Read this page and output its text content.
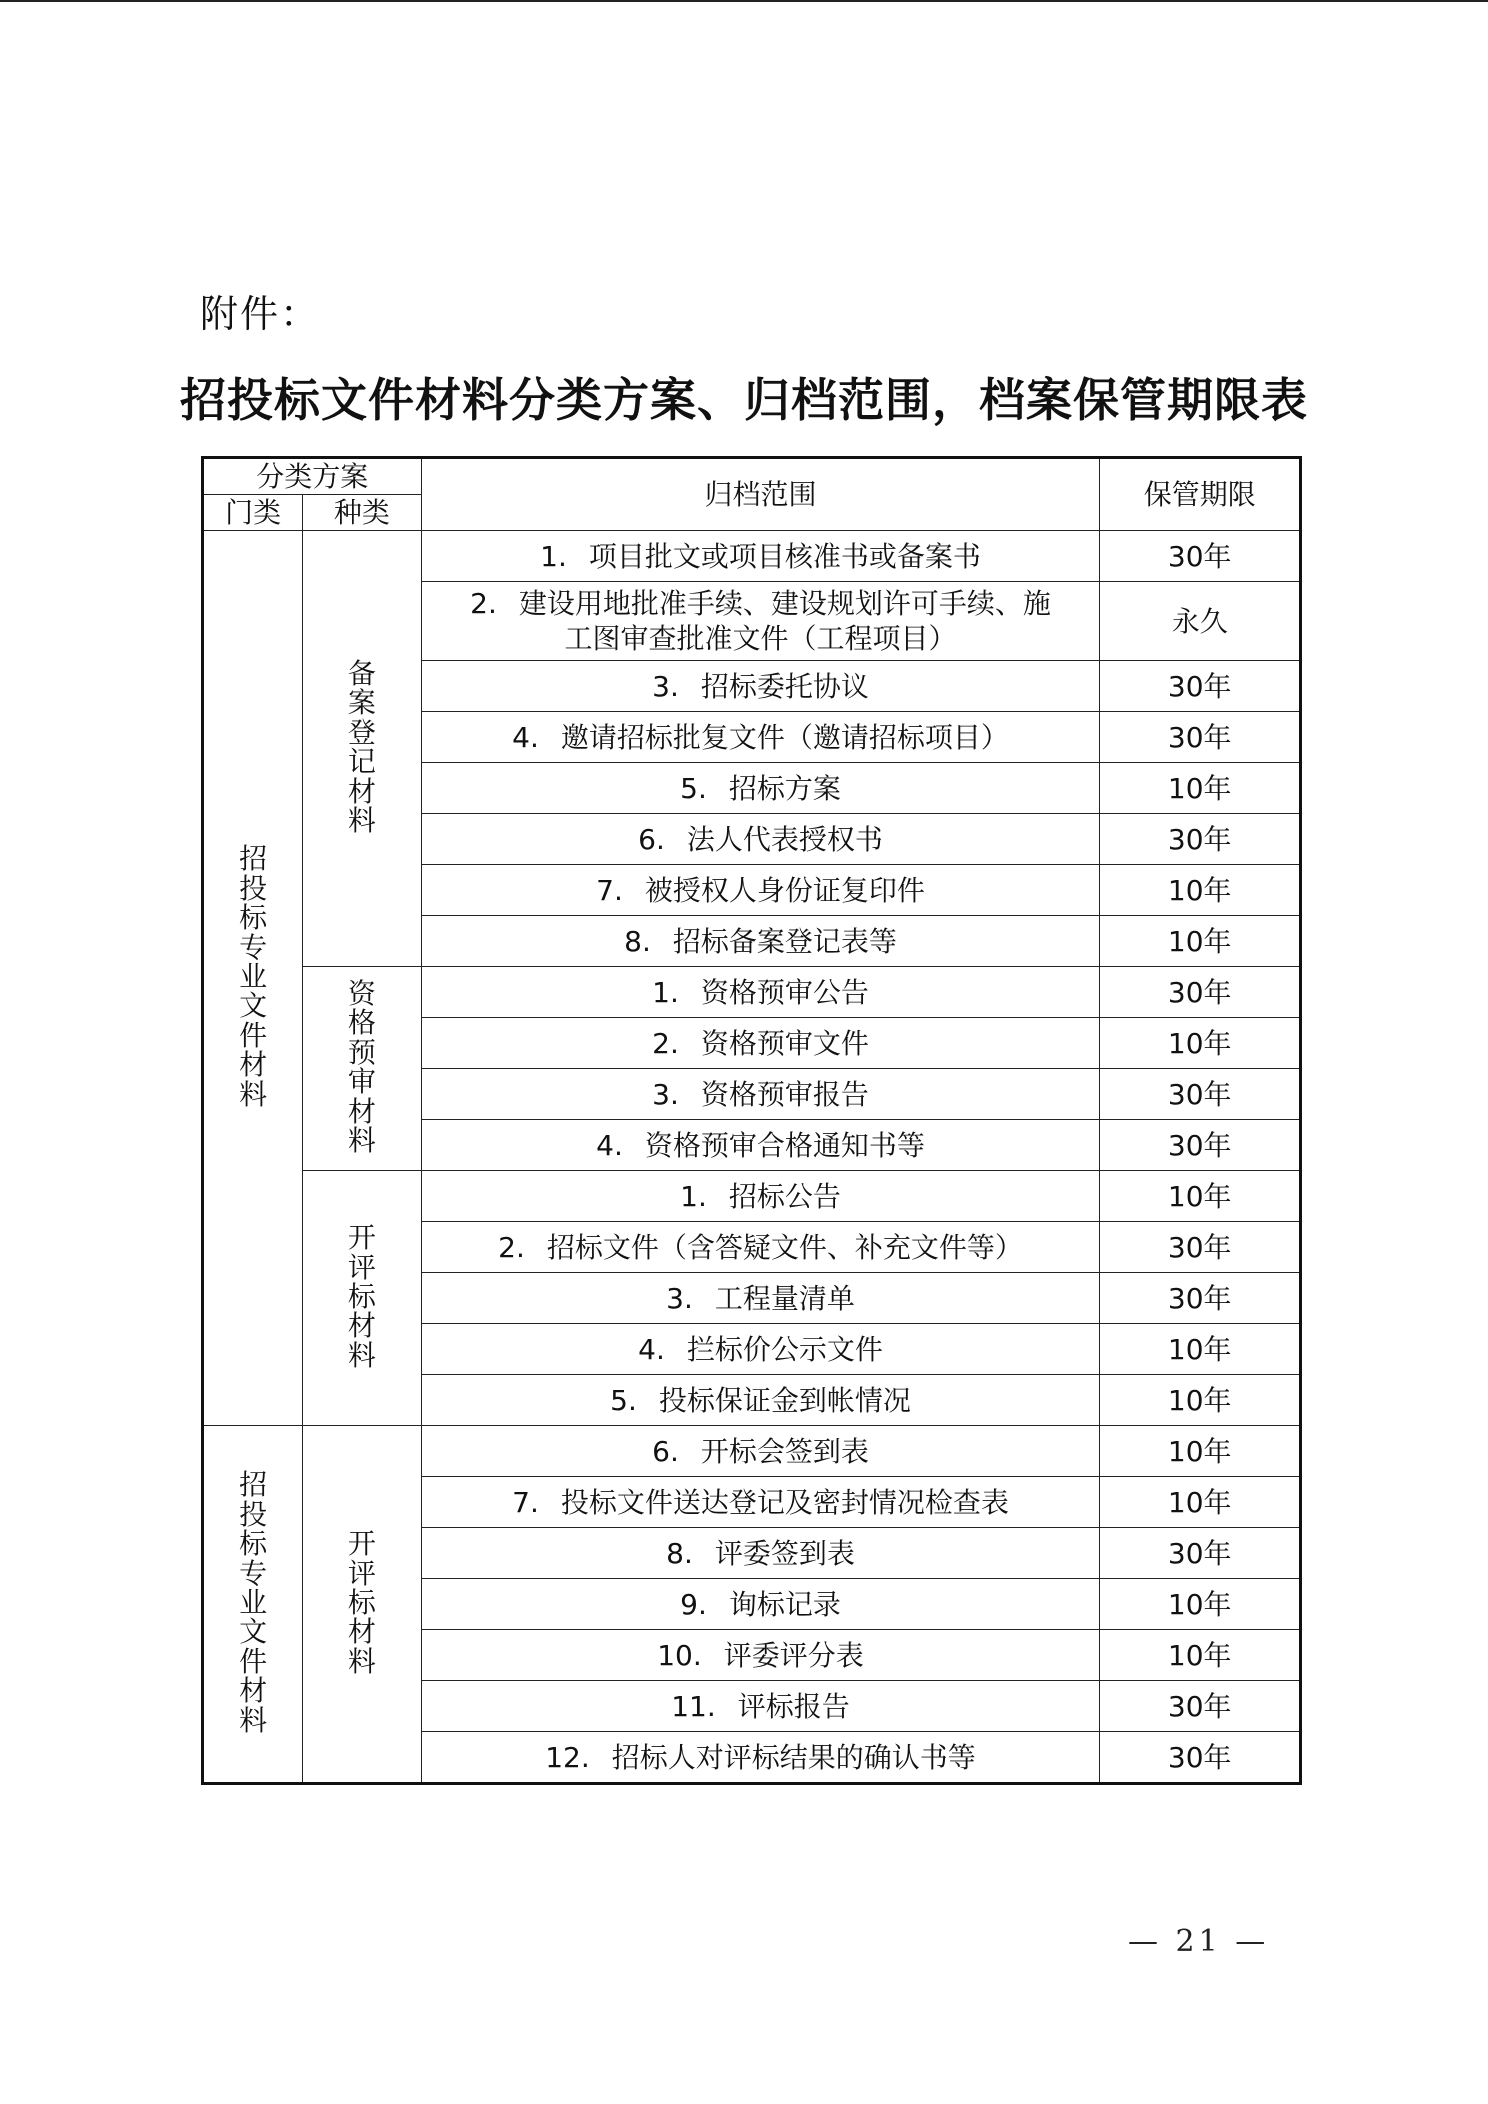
附件：
招投标文件材料分类方案、归档范围，档案保管期限表
分类方案		归档范围	保管期限
门类	种类		
招投标专业文件材料	备案登记材料	1. 项目批文或项目核准书或备案书	30年
		2. 建设用地批准手续、建设规划许可手续、施工图审查批准文件（工程项目）	永久
		3. 招标委托协议	30年
		4. 邀请招标批复文件（邀请招标项目）	30年
		5. 招标方案	10年
		6. 法人代表授权书	30年
		7. 被授权人身份证复印件	10年
		8. 招标备案登记表等	10年
	资格预审材料	1. 资格预审公告	30年
		2. 资格预审文件	10年
		3. 资格预审报告	30年
		4. 资格预审合格通知书等	30年
	开评标材料	1. 招标公告	10年
		2. 招标文件（含答疑文件、补充文件等）	30年
		3. 工程量清单	30年
		4. 拦标价公示文件	10年
		5. 投标保证金到帐情况	10年
招投标专业文件材料	开评标材料	6. 开标会签到表	10年
		7. 投标文件送达登记及密封情况检查表	10年
		8. 评委签到表	30年
		9. 询标记录	10年
		10. 评委评分表	10年
		11. 评标报告	30年
		12. 招标人对评标结果的确认书等	30年
— 21 —
